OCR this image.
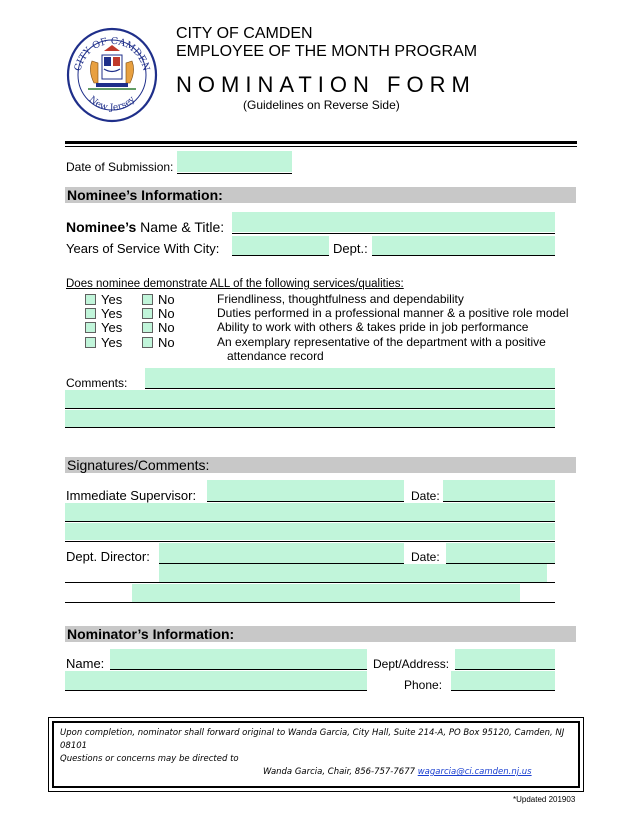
CITY OF CAMDEN
New Jersey
CITY OF CAMDEN
EMPLOYEE OF THE MONTH PROGRAM
NOMINATION FORM
(Guidelines on Reverse Side)
Date of Submission:
Nominee’s Information:
Nominee’s Name & Title:
Years of Service With City:	Dept.:
Does nominee demonstrate ALL of the following services/qualities:
Yes	No	Friendliness, thoughtfulness and dependability
Yes	No	Duties performed in a professional manner & a positive role model
Yes	No	Ability to work with others & takes pride in job performance
Yes	No	An exemplary representative of the department with a positive
attendance record
Comments:
Signatures/Comments:
Immediate Supervisor:	Date:
Dept. Director:	Date:
Nominator’s Information:
Name:	Dept/Address:
Phone:
Upon completion, nominator shall forward original to Wanda Garcia, City Hall, Suite 214-A, PO Box 95120, Camden, NJ
08101
Questions or concerns may be directed to
Wanda Garcia, Chair, 856-757-7677 wagarcia@ci.camden.nj.us
*Updated 201903
